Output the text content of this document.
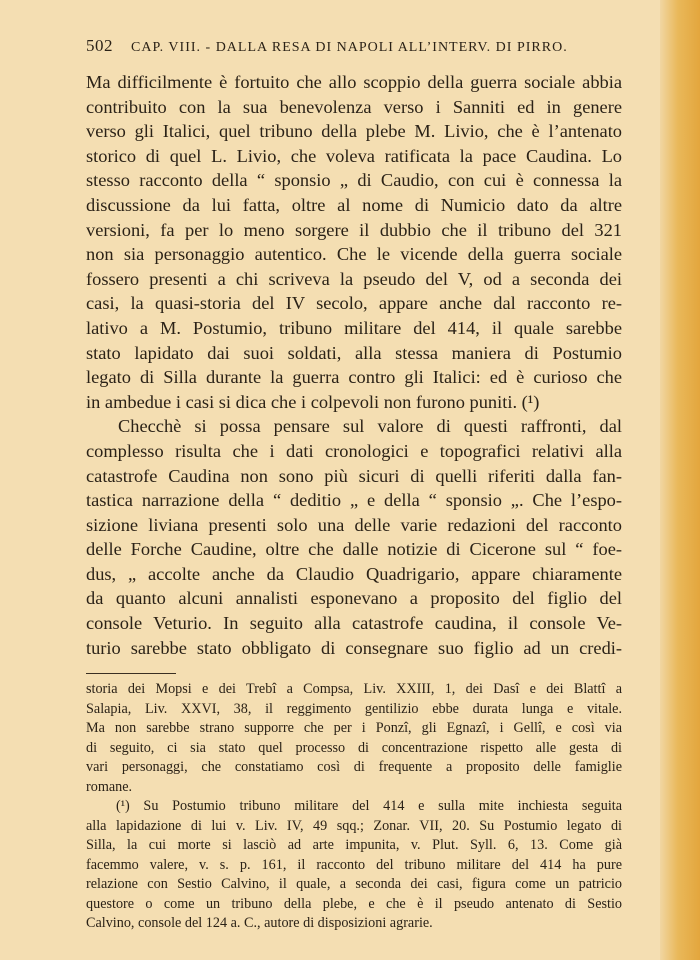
502 CAP. VIII. - DALLA RESA DI NAPOLI ALL’INTERV. DI PIRRO.
Ma difficilmente è fortuito che allo scoppio della guerra sociale abbia
contribuito con la sua benevolenza verso i Sanniti ed in genere
verso gli Italici, quel tribuno della plebe M. Livio, che è l’antenato
storico di quel L. Livio, che voleva ratificata la pace Caudina. Lo
stesso racconto della “ sponsio „ di Caudio, con cui è connessa la
discussione da lui fatta, oltre al nome di Numicio dato da altre
versioni, fa per lo meno sorgere il dubbio che il tribuno del 321
non sia personaggio autentico. Che le vicende della guerra sociale
fossero presenti a chi scriveva la pseudo del V, od a seconda dei
casi, la quasi-storia del IV secolo, appare anche dal racconto re-
lativo a M. Postumio, tribuno militare del 414, il quale sarebbe
stato lapidato dai suoi soldati, alla stessa maniera di Postumio
legato di Silla durante la guerra contro gli Italici: ed è curioso che
in ambedue i casi si dica che i colpevoli non furono puniti. (¹)
Checchè si possa pensare sul valore di questi raffronti, dal
complesso risulta che i dati cronologici e topografici relativi alla
catastrofe Caudina non sono più sicuri di quelli riferiti dalla fan-
tastica narrazione della “ deditio „ e della “ sponsio „. Che l’espo-
sizione liviana presenti solo una delle varie redazioni del racconto
delle Forche Caudine, oltre che dalle notizie di Cicerone sul “ foe-
dus, „ accolte anche da Claudio Quadrigario, appare chiaramente
da quanto alcuni annalisti esponevano a proposito del figlio del
console Veturio. In seguito alla catastrofe caudina, il console Ve-
turio sarebbe stato obbligato di consegnare suo figlio ad un credi-
storia dei Mopsi e dei Trebî a Compsa, Liv. XXIII, 1, dei Dasî e dei Blattî a
Salapia, Liv. XXVI, 38, il reggimento gentilizio ebbe durata lunga e vitale.
Ma non sarebbe strano supporre che per i Ponzî, gli Egnazî, i Gellî, e così via
di seguito, ci sia stato quel processo di concentrazione rispetto alle gesta di
vari personaggi, che constatiamo così di frequente a proposito delle famiglie
romane.
(¹) Su Postumio tribuno militare del 414 e sulla mite inchiesta seguita
alla lapidazione di lui v. Liv. IV, 49 sqq.; Zonar. VII, 20. Su Postumio legato di
Silla, la cui morte si lasciò ad arte impunita, v. Plut. Syll. 6, 13. Come già
facemmo valere, v. s. p. 161, il racconto del tribuno militare del 414 ha pure
relazione con Sestio Calvino, il quale, a seconda dei casi, figura come un patricio
questore o come un tribuno della plebe, e che è il pseudo antenato di Sestio
Calvino, console del 124 a. C., autore di disposizioni agrarie.
